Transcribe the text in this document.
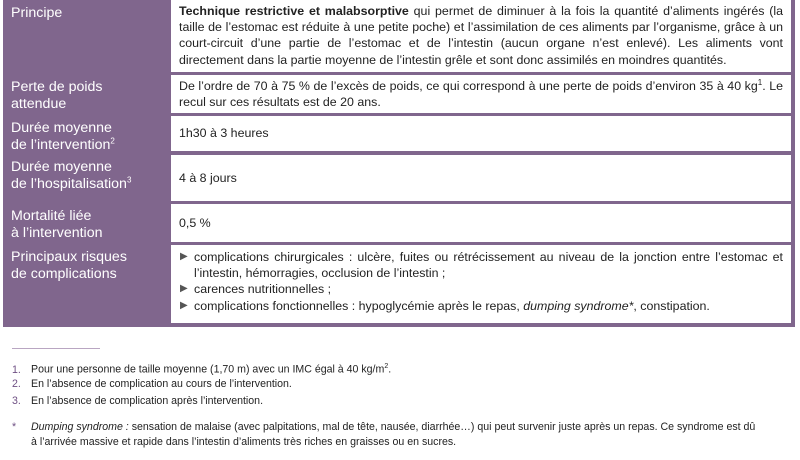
Principe	Technique restrictive et malabsorptive qui permet de diminuer à la fois la quantité d’aliments ingérés (la taille de l’estomac est réduite à une petite poche) et l’assimilation de ces aliments par l’organisme, grâce à un court-circuit d’une partie de l’estomac et de l’intestin (aucun organe n’est enlevé). Les aliments vont directement dans la partie moyenne de l’intestin grêle et sont donc assimilés en moindres quantités.
Perte de poids attendue
De l’ordre de 70 à 75 % de l’excès de poids, ce qui correspond à une perte de poids d’environ 35 à 40 $kg^1$. Le recul sur ces résultats est de 20 ans.
Durée moyenne
de l’intervention$^2$
1h30 à 3 heures
Durée moyenne
de l’hospitalisation$^3$	4 à 8 jours
Mortalité liée
à l’intervention
0,5 %
Principaux risques
de complications
▶ complications chirurgicales : ulcère, fuites ou rétrécissement au niveau de la jonction entre l’estomac et l’intestin, hémorragies, occlusion de l’intestin ;
▶ carences nutritionnelles ;
▶ complications fonctionnelles : hypoglycémie après le repas, dumping syndrome*, constipation.
1. Pour une personne de taille moyenne (1,70 m) avec un IMC égal à 40 $kg/m^2$.
2. En l’absence de complication au cours de l’intervention.
3. En l’absence de complication après l’intervention.
* Dumping syndrome : sensation de malaise (avec palpitations, mal de tête, nausée, diarrhée…) qui peut survenir juste après un repas. Ce syndrome est dû
à l’arrivée massive et rapide dans l’intestin d’aliments très riches en graisses ou en sucres.
